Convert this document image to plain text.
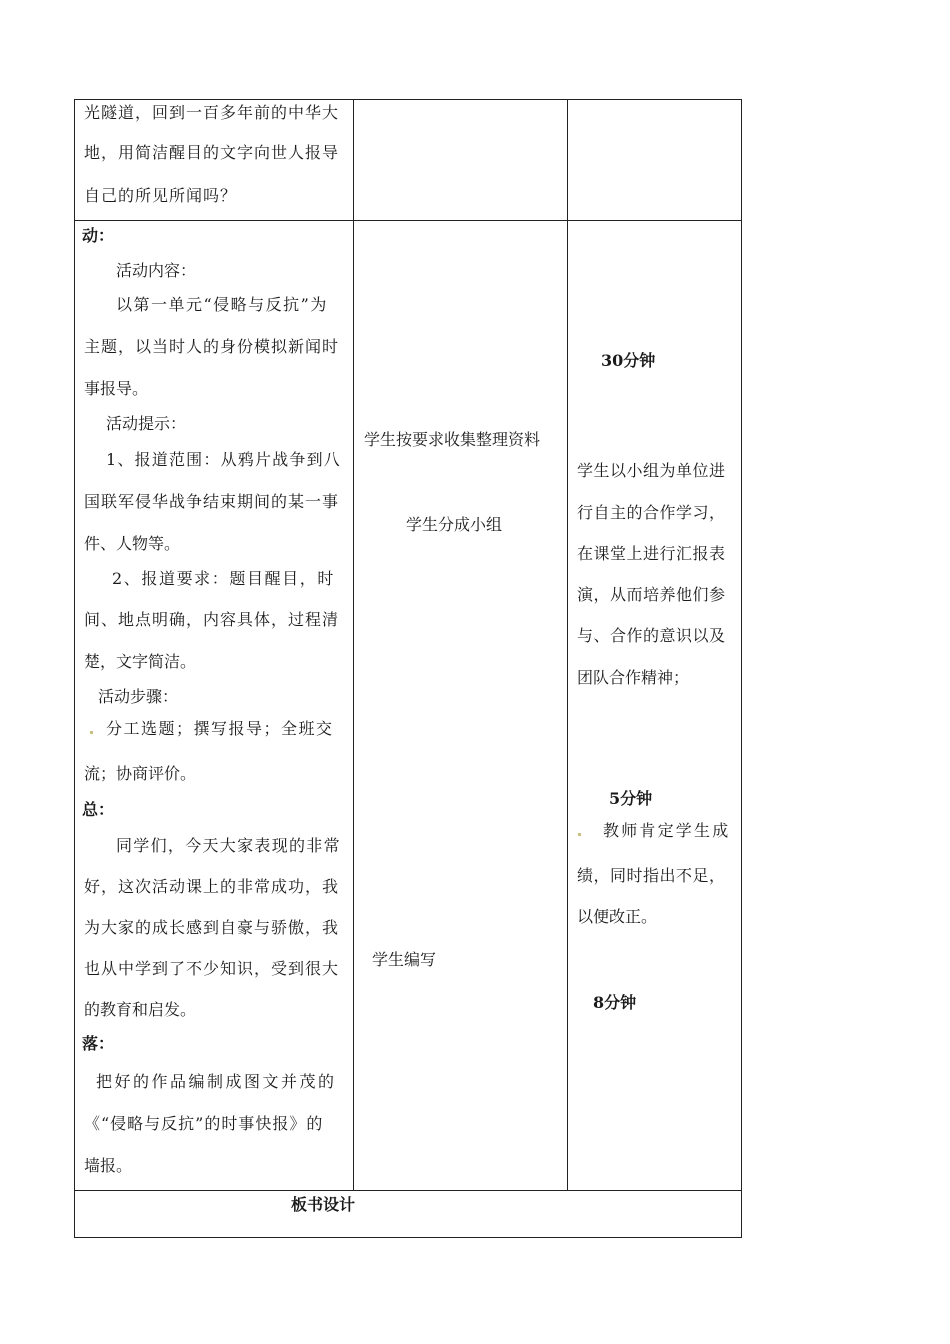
光隧道，回到一百多年前的中华大
地，用简洁醒目的文字向世人报导
自己的所见所闻吗？
动：
活动内容：
以第一单元“侵略与反抗”为
主题，以当时人的身份模拟新闻时
事报导。
活动提示：
1、报道范围：从鸦片战争到八
国联军侵华战争结束期间的某一事
件、人物等。
2、报道要求：题目醒目，时
间、地点明确，内容具体，过程清
楚，文字简洁。
活动步骤：
分工选题；撰写报导；全班交
流；协商评价。
总：
同学们，今天大家表现的非常
好，这次活动课上的非常成功，我
为大家的成长感到自豪与骄傲，我
也从中学到了不少知识，受到很大
的教育和启发。
落：
把好的作品编制成图文并茂的
《“侵略与反抗”的时事快报》的
墙报。
学生按要求收集整理资料
学生分成小组
学生编写
30分钟
学生以小组为单位进
行自主的合作学习，
在课堂上进行汇报表
演，从而培养他们参
与、合作的意识以及
团队合作精神；
5分钟
教师肯定学生成
绩，同时指出不足，
以便改正。
8分钟
板书设计
